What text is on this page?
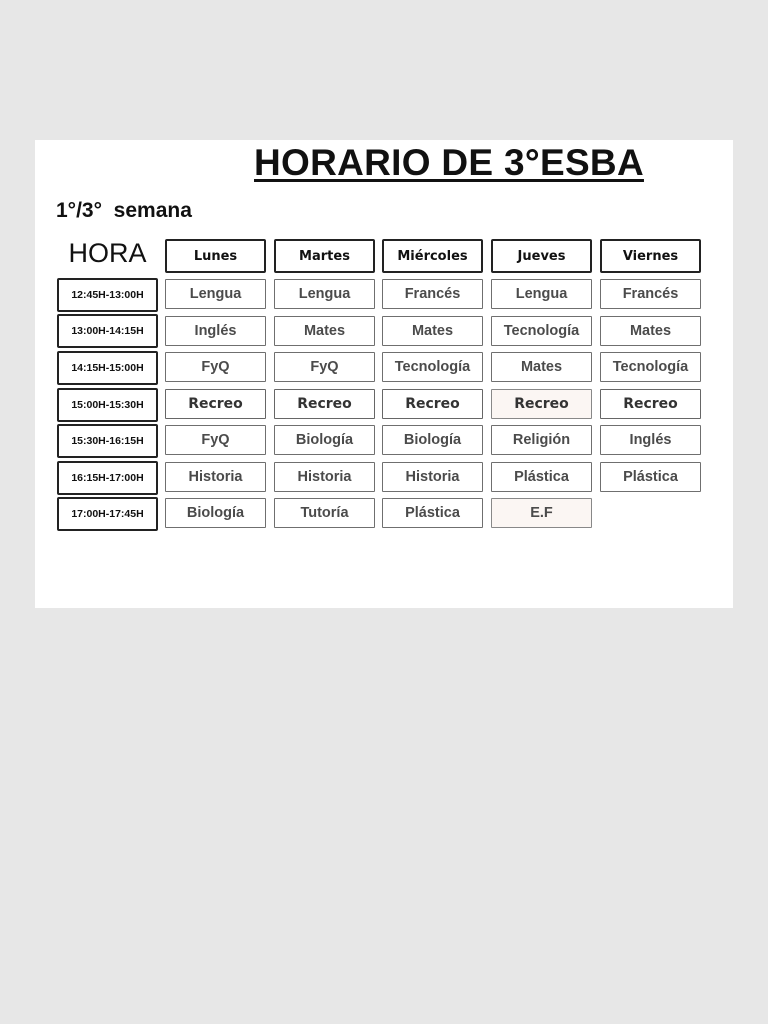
HORARIO DE 3°ESBA
1°/3°  semana
HORA	Lunes	Martes	Miércoles	Jueves	Viernes
12:45H-13:00H	Lengua	Lengua	Francés	Lengua	Francés
13:00H-14:15H	Inglés	Mates	Mates	Tecnología	Mates
14:15H-15:00H	FyQ	FyQ	Tecnología	Mates	Tecnología
15:00H-15:30H	Recreo	Recreo	Recreo	Recreo	Recreo
15:30H-16:15H	FyQ	Biología	Biología	Religión	Inglés
16:15H-17:00H	Historia	Historia	Historia	Plástica	Plástica
17:00H-17:45H	Biología	Tutoría	Plástica	E.F
